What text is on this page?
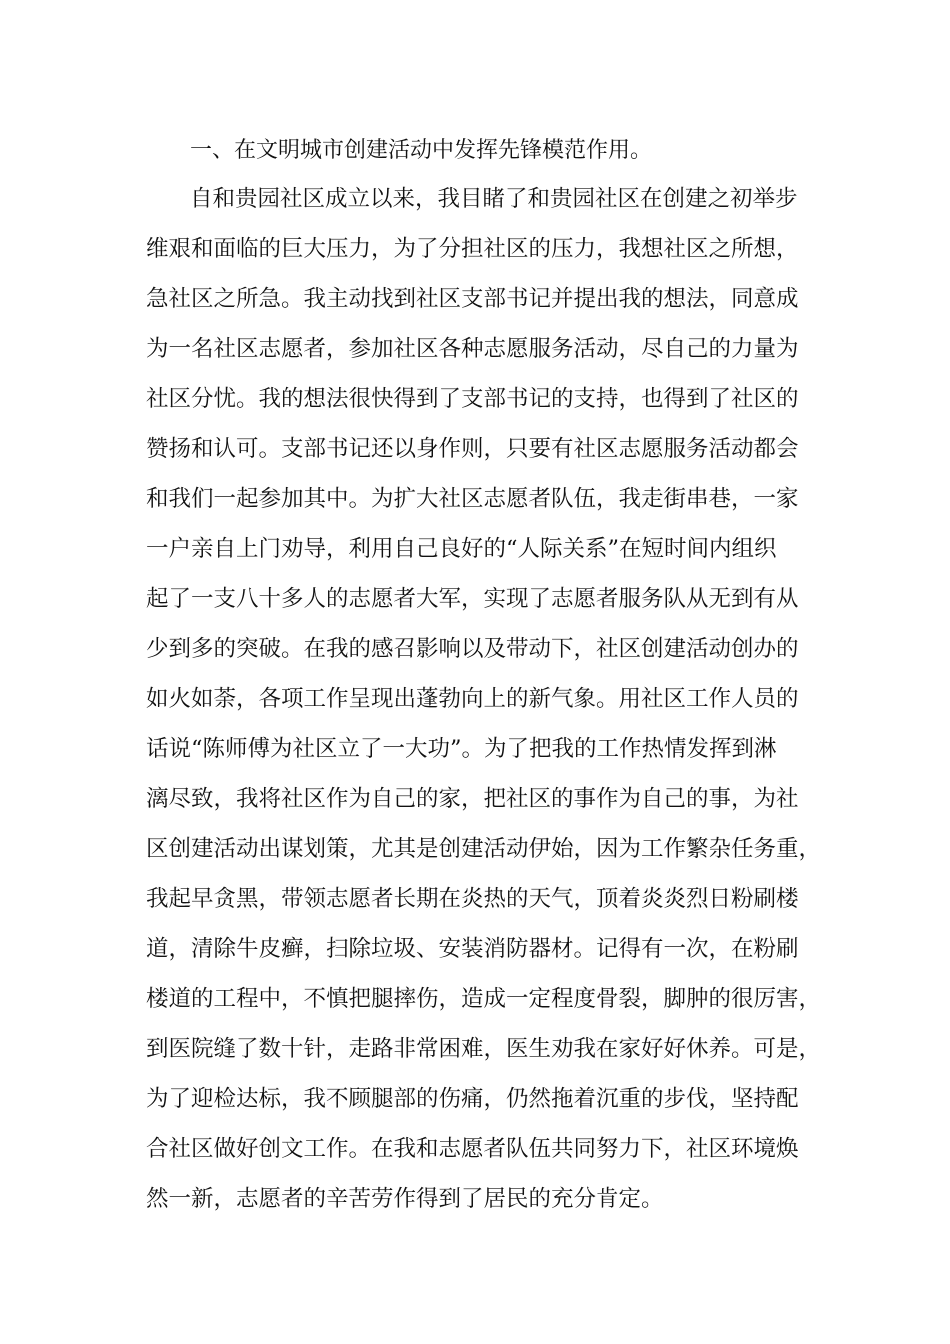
一、在文明城市创建活动中发挥先锋模范作用。
自和贵园社区成立以来，我目睹了和贵园社区在创建之初举步
维艰和面临的巨大压力，为了分担社区的压力，我想社区之所想，
急社区之所急。我主动找到社区支部书记并提出我的想法，同意成
为一名社区志愿者，参加社区各种志愿服务活动，尽自己的力量为
社区分忧。我的想法很快得到了支部书记的支持，也得到了社区的
赞扬和认可。支部书记还以身作则，只要有社区志愿服务活动都会
和我们一起参加其中。为扩大社区志愿者队伍，我走街串巷，一家
一户亲自上门劝导，利用自己良好的“人际关系”在短时间内组织
起了一支八十多人的志愿者大军，实现了志愿者服务队从无到有从
少到多的突破。在我的感召影响以及带动下，社区创建活动创办的
如火如荼，各项工作呈现出蓬勃向上的新气象。用社区工作人员的
话说“陈师傅为社区立了一大功”。为了把我的工作热情发挥到淋
漓尽致，我将社区作为自己的家，把社区的事作为自己的事，为社
区创建活动出谋划策，尤其是创建活动伊始，因为工作繁杂任务重，
我起早贪黑，带领志愿者长期在炎热的天气，顶着炎炎烈日粉刷楼
道，清除牛皮癣，扫除垃圾、安装消防器材。记得有一次，在粉刷
楼道的工程中，不慎把腿摔伤，造成一定程度骨裂，脚肿的很厉害，
到医院缝了数十针，走路非常困难，医生劝我在家好好休养。可是，
为了迎检达标，我不顾腿部的伤痛，仍然拖着沉重的步伐，坚持配
合社区做好创文工作。在我和志愿者队伍共同努力下，社区环境焕
然一新，志愿者的辛苦劳作得到了居民的充分肯定。
